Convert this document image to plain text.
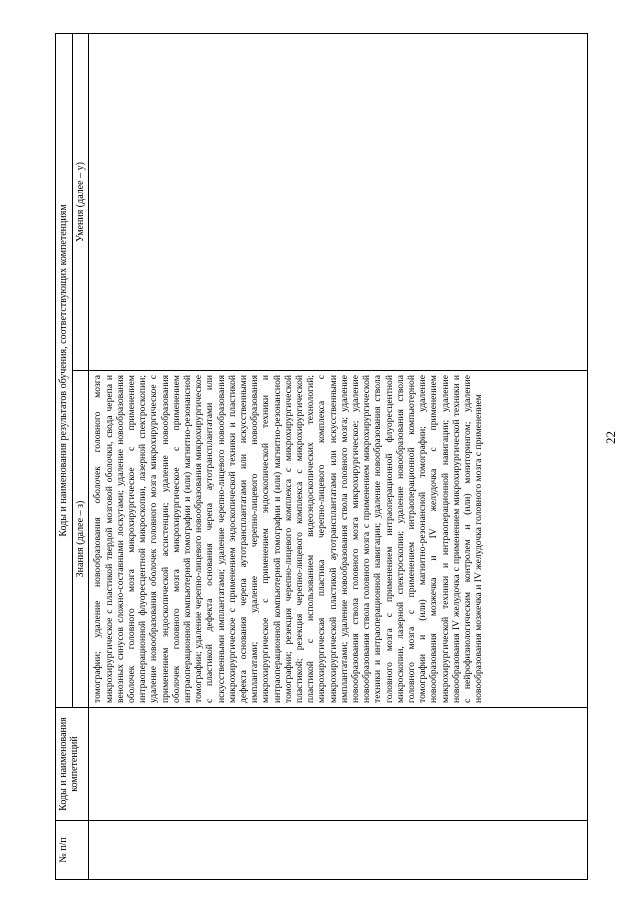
22
№ п/п	Коды и наименования компетенций	Коды и наименования результатов обучения, соответствующих компетенциям	
		Знания (далее – з)	Умения (далее – у)
		томографии; удаление новообразования оболочек головного мозга микрохирургическое с пластикой твердой мозговой оболочки, свода черепа и венозных синусов сложно-составными лоскутами; удаление новообразования оболочек головного мозга микрохирургическое с применением интраоперационной флуоресцентной микроскопии, лазерной спектроскопии; удаление новообразования оболочек головного мозга микрохирургическое с применением эндоскопической ассистенции; удаление новообразования оболочек головного мозга микрохирургическое с применением интраоперационной компьютерной томографии и (или) магнитно-резонансной томографии; удаление черепно-лицевого новообразования микрохирургическое с пластикой дефекта основания черепа аутотрансплантатами или искусственными имплантатами; удаление черепно-лицевого новообразования микрохирургическое с применением эндоскопической техники и пластикой дефекта основания черепа аутотрансплантатами или искусственными имплантатами; удаление черепно-лицевого новообразования микрохирургическое с применением эндоскопической техники и интраоперационной компьютерной томографии и (или) магнитно-резонансной томографии; резекция черепно-лицевого комплекса с микрохирургической пластикой; резекция черепно-лицевого комплекса с микрохирургической пластикой с использованием видеоэндоскопических технологий; микрохирургическая пластика черепно-лицевого комплекса с микрохирургической пластикой аутотрансплантатами или искусственными имплантатами; удаление новообразования ствола головного мозга; удаление новообразования ствола головного мозга микрохирургическое; удаление новообразования ствола головного мозга с применением микрохирургической техники и интраоперационной навигации; удаление новообразования ствола головного мозга с применением интраоперационной флуоресцентной микроскопии, лазерной спектроскопии; удаление новообразования ствола головного мозга с применением интраоперационной компьютерной томографии и (или) магнитно-резонансной томографии; удаление новообразования мозжечка и IV желудочка с применением микрохирургической техники и интраоперационной навигации; удаление новообразования IV желудочка с применением микрохирургической техники и с нейрофизиологическим контролем и (или) мониторингом; удаление новообразования мозжечка и IV желудочка головного мозга с применением	
